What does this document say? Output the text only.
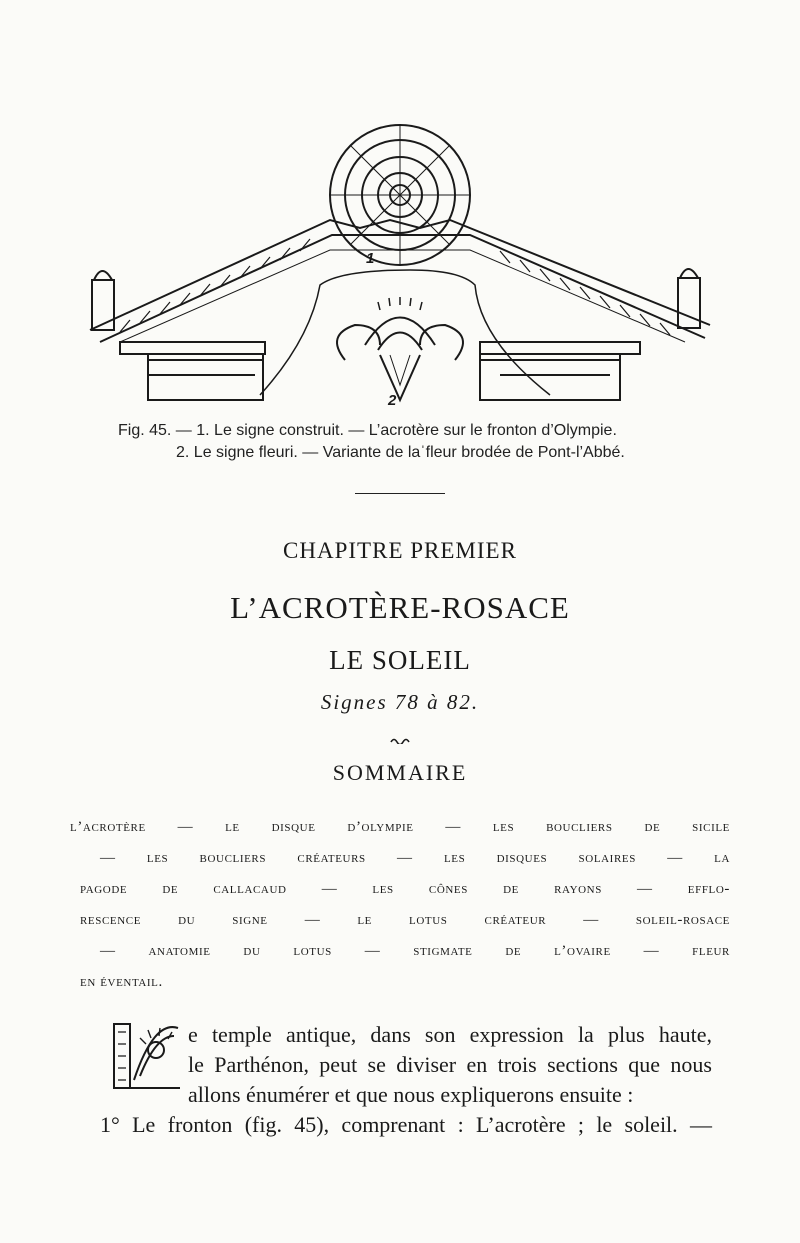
1
2
Fig. 45. — 1. Le signe construit. — L’acrotère sur le fronton d’Olympie.
2. Le signe fleuri. — Variante de laˈfleur brodée de Pont-l’Abbé.
CHAPITRE PREMIER
L’ACROTÈRE-ROSACE
LE SOLEIL
Signes 78 à 82.
SOMMAIRE
l’acrotère — le disque d’olympie — les boucliers de sicile
— les boucliers créateurs — les disques solaires — la
pagode de callacaud — les cônes de rayons — efflo-
rescence du signe — le lotus créateur — soleil-rosace
— anatomie du lotus — stigmate de l’ovaire — fleur
en éventail.
e temple antique, dans son expression la plus haute,
le Parthénon, peut se diviser en trois sections que nous
allons énumérer et que nous expliquerons ensuite :
1° Le fronton (fig. 45), comprenant : L’acrotère ; le soleil. —
